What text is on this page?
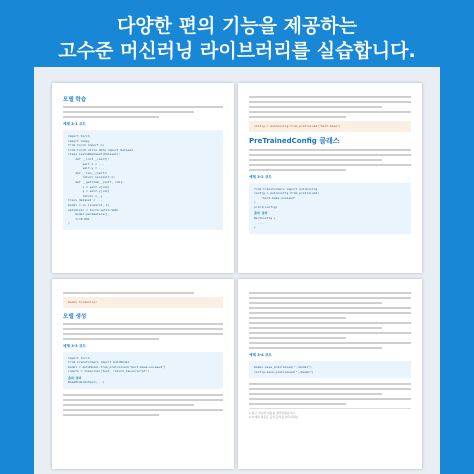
다양한 편의 기능을 제공하는
고수준 머신러닝 라이브러리를 실습합니다.
모델 학습
예제 3-1 코드
import torch
import numpy
from torch import nn
from torch.utils.data import Dataset
class CustomDataset(Dataset):
def __init__(self):
self.x = ...
self.y = ...
def __len__(self):
return len(self.x)
def __getitem__(self, idx):
x = self.x[idx]
y = self.y[idx]
return x, y
train_dataset = ...
model = nn.Linear(2, 1)
optimizer = torch.optim.SGD(
model.parameters(),
lr=0.001
)
config = AutoConfig.from_pretrained("bert-base")
PreTrainedConfig 클래스
예제 3-2 코드
from transformers import AutoConfig
config = AutoConfig.from_pretrained(
"bert-base-uncased"
)
print(config)
출력 결과
BertConfig {
...
}
model.to(device)
모델 생성
예제 3-3 코드
import torch
from transformers import AutoModel
model = AutoModel.from_pretrained("bert-base-uncased")
inputs = tokenizer(text, return_tensors="pt")
출력 결과
BaseModelOutput(...)
예제 3-4 코드
model.save_pretrained("./model")
config.save_pretrained("./model")
1 참고 자료의 내용을 정리하였습니다.
2 자세한 내용은 공식 문서를 참고하세요.
